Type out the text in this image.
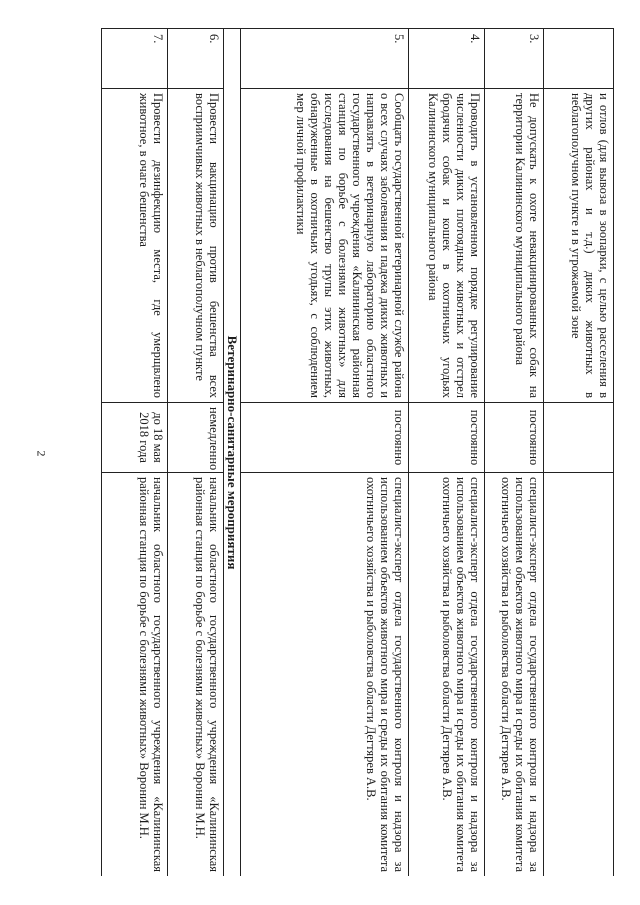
2
	и отлов (для вывоза в зоопарки, с целью расселения в других районах и т.д.) диких животных в неблагополучном пункте и в угрожаемой зоне		
3.	Не допускать к охоте невакцинированных собак на территории Калининского муниципального района	постоянно	специалист-эксперт отдела государственного контроля и надзора за использованием объектов животного мира и среды их обитания комитета охотничьего хозяйства и рыболовства области Дегтярев А.В.
4.	Проводить в установленном порядке регулирование численности диких плотоядных животных и отстрел бродячих собак и кошек в охотничьих угодьях Калининского муниципального района	постоянно	специалист-эксперт отдела государственного контроля и надзора за использованием объектов животного мира и среды их обитания комитета охотничьего хозяйства и рыболовства области Дегтярев А.В.
5.	Сообщать государственной ветеринарной службе района о всех случаях заболевания и падежа диких животных и направлять в ветеринарную лабораторию областного государственного учреждения «Калининская районная станция по борьбе с болезнями животных» для исследования на бешенство трупы этих животных, обнаруженные в охотничьих угодьях, с соблюдением мер личной профилактики	постоянно	специалист-эксперт отдела государственного контроля и надзора за использованием объектов животного мира и среды их обитания комитета охотничьего хозяйства и рыболовства области Дегтярев А.В.
Ветеринарно-санитарные мероприятия			
6.	Провести вакцинацию против бешенства всех восприимчивых животных в неблагополучном пункте	немедленно	начальник областного государственного учреждения «Калининская районная станция по борьбе с болезнями животных» Воронин М.Н.
7.	Провести дезинфекцию места, где умерщвлено животное, в очаге бешенства	до 18 мая 2018 года	начальник областного государственного учреждения «Калининская районная станция по борьбе с болезнями животных» Воронин М.Н.
